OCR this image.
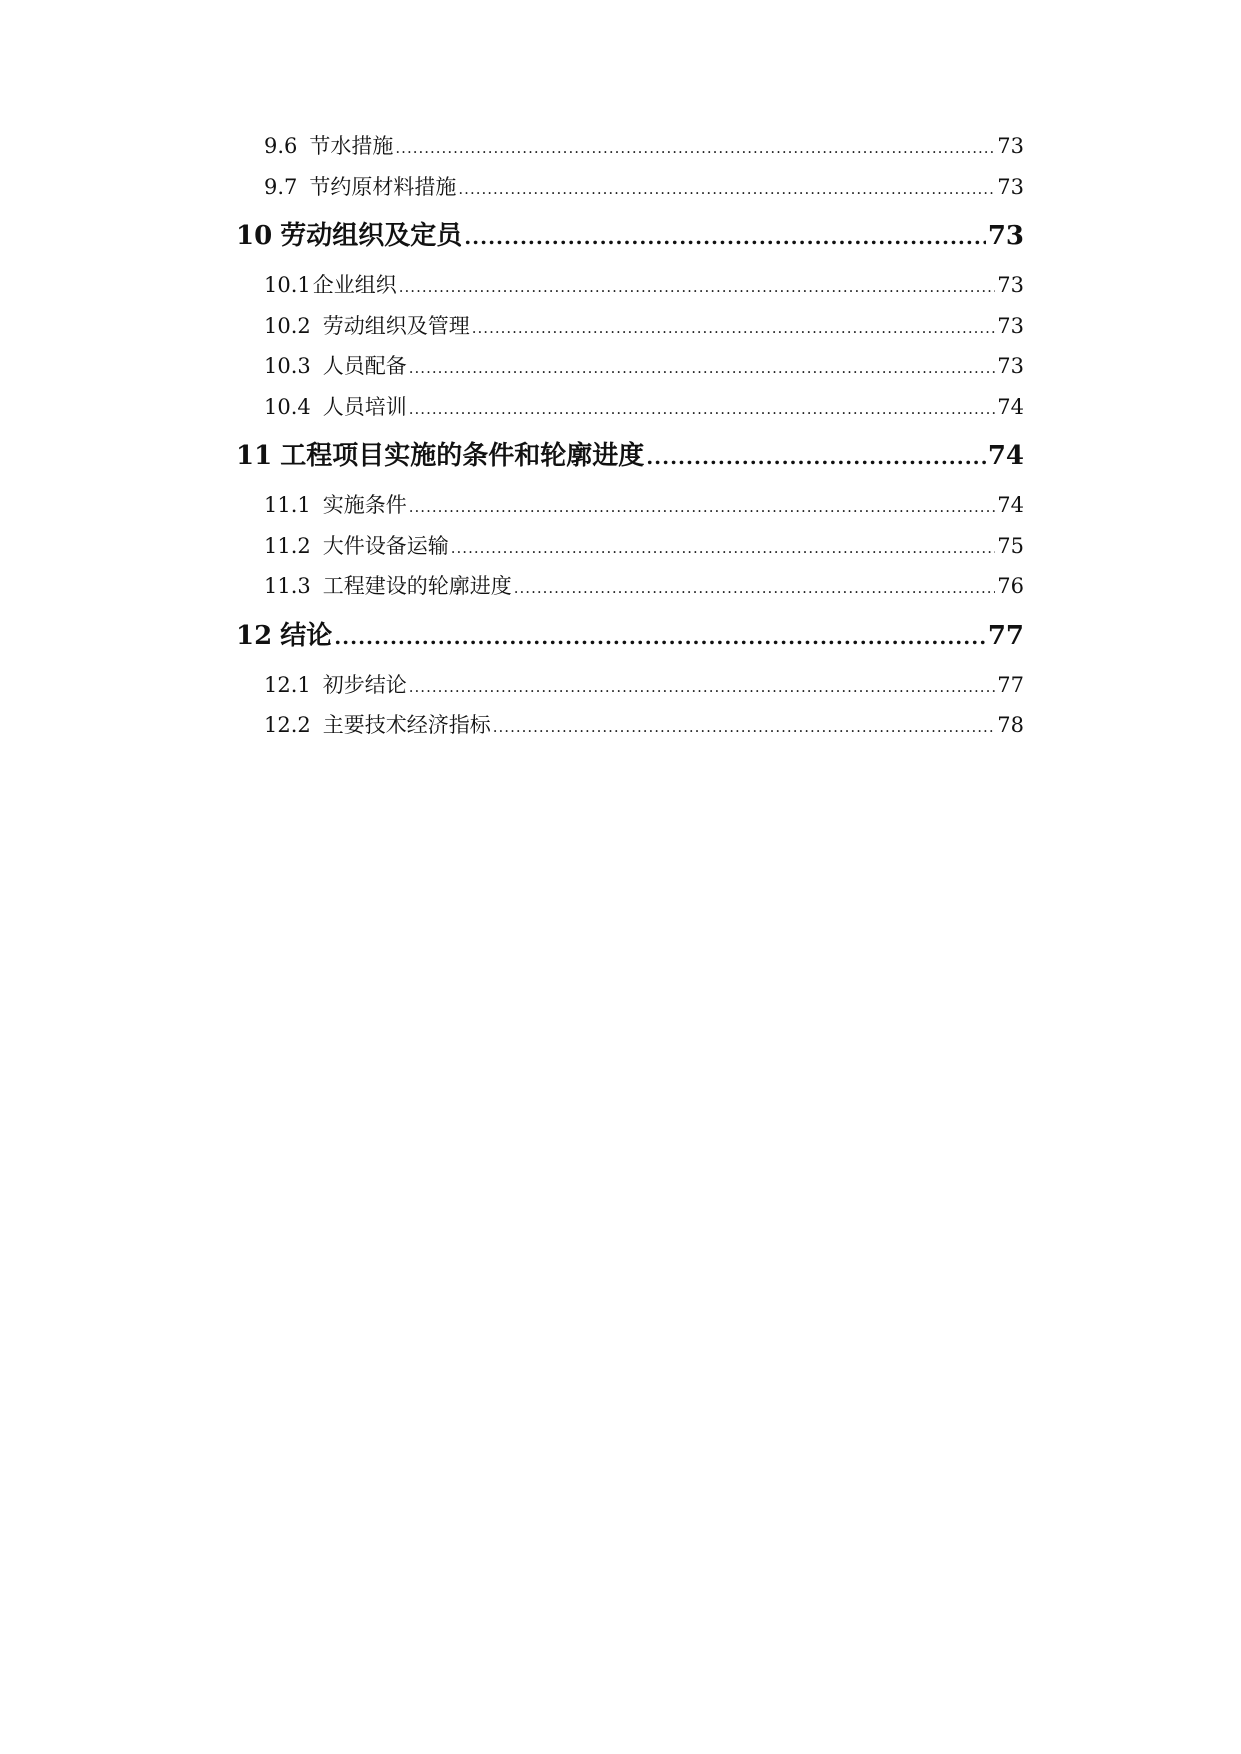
9.6 节水措施 .....	73
9.7 节约原材料措施 .....	73
10 劳动组织及定员 .....	73
10.1企业组织 .....	73
10.2 劳动组织及管理 .....	73
10.3 人员配备 .....	73
10.4 人员培训 .....	74
11 工程项目实施的条件和轮廓进度 .....	74
11.1 实施条件 .....	74
11.2 大件设备运输 .....	75
11.3 工程建设的轮廓进度 .....	76
12 结论 .....	77
12.1 初步结论 .....	77
12.2 主要技术经济指标 .....	78
